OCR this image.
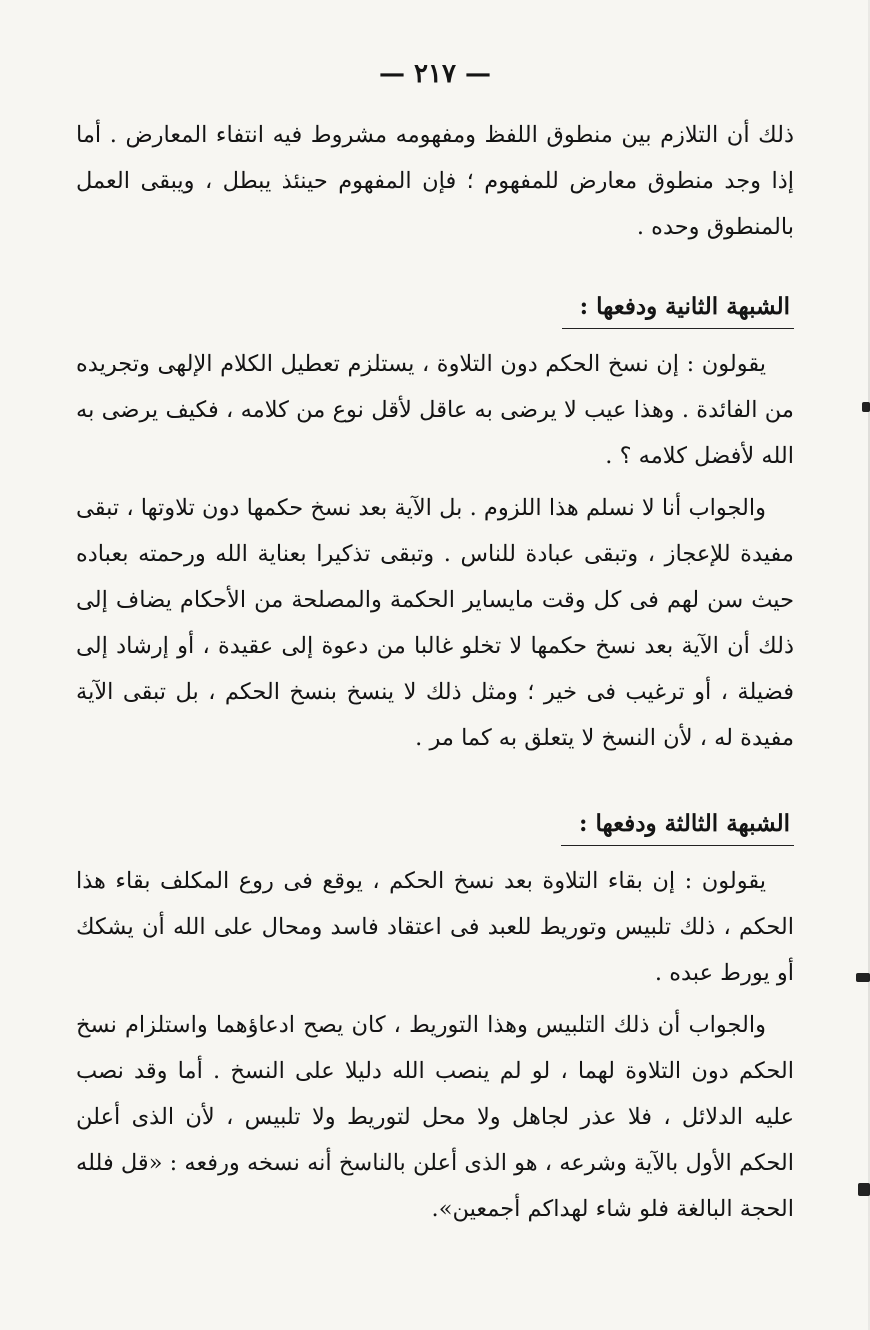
— ٢١٧ —

ذلك أن التلازم بين منطوق اللفظ ومفهومه مشروط فيه انتفاء المعارض . أما إذا وجد منطوق معارض للمفهوم ؛ فإن المفهوم حينئذ يبطل ، ويبقى العمل بالمنطوق وحده .

الشبهة الثانية ودفعها :

يقولون : إن نسخ الحكم دون التلاوة ، يستلزم تعطيل الكلام الإلهى وتجريده من الفائدة . وهذا عيب لا يرضى به عاقل لأقل نوع من كلامه ، فكيف يرضى به الله لأفضل كلامه ؟ .

والجواب أنا لا نسلم هذا اللزوم . بل الآية بعد نسخ حكمها دون تلاوتها ، تبقى مفيدة للإعجاز ، وتبقى عبادة للناس . وتبقى تذكيرا بعناية الله ورحمته بعباده حيث سن لهم فى كل وقت مايساير الحكمة والمصلحة من الأحكام يضاف إلى ذلك أن الآية بعد نسخ حكمها لا تخلو غالبا من دعوة إلى عقيدة ، أو إرشاد إلى فضيلة ، أو ترغيب فى خير ؛ ومثل ذلك لا ينسخ بنسخ الحكم ، بل تبقى الآية مفيدة له ، لأن النسخ لا يتعلق به كما مر .

الشبهة الثالثة ودفعها :

يقولون : إن بقاء التلاوة بعد نسخ الحكم ، يوقع فى روع المكلف بقاء هذا الحكم ، ذلك تلبيس وتوريط للعبد فى اعتقاد فاسد ومحال على الله أن يشكك أو يورط عبده .

والجواب أن ذلك التلبيس وهذا التوريط ، كان يصح ادعاؤهما واستلزام نسخ الحكم دون التلاوة لهما ، لو لم ينصب الله دليلا على النسخ . أما وقد نصب عليه الدلائل ، فلا عذر لجاهل ولا محل لتوريط ولا تلبيس ، لأن الذى أعلن الحكم الأول بالآية وشرعه ، هو الذى أعلن بالناسخ أنه نسخه ورفعه : «قل فلله الحجة البالغة فلو شاء لهداكم أجمعين».
